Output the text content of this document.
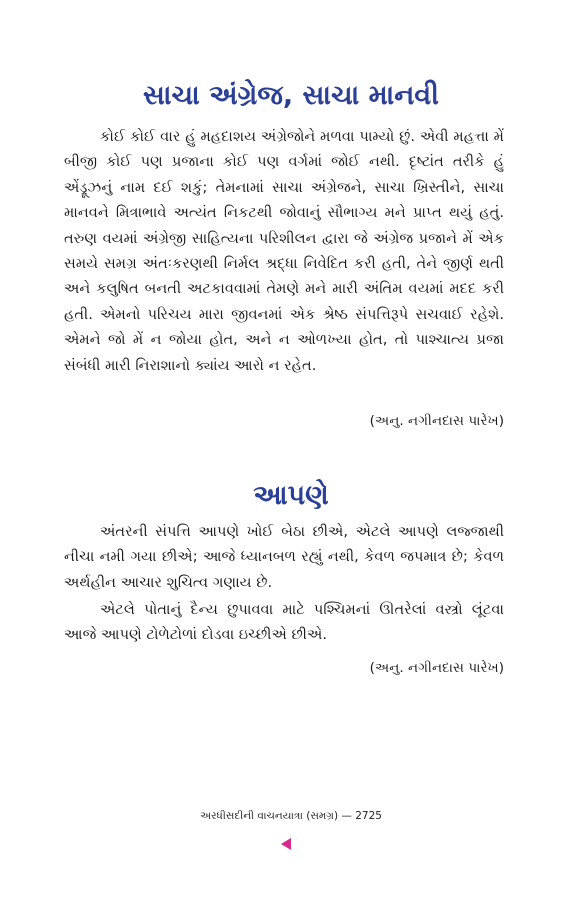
સાચા અંગ્રેજ, સાચા માનવી

કોઈ કોઈ વાર હું મહદાશય અંગ્રેજોને મળવા પામ્યો છું. એવી મહત્તા મેં બીજી કોઈ પણ પ્રજાના કોઈ પણ વર્ગમાં જોઈ નથી. દૃષ્ટાંત તરીકે હું એંડ્રૂઝનું નામ દઈ શકું; તેમનામાં સાચા અંગ્રેજને, સાચા ખ્રિસ્તીને, સાચા માનવને મિત્રાભાવે અત્યંત નિકટથી જોવાનું સૌભાગ્ય મને પ્રાપ્ત થયું હતું. તરુણ વયમાં અંગ્રેજી સાહિત્યના પરિશીલન દ્વારા જે અંગ્રેજ પ્રજાને મેં એક સમયે સમગ્ર અંતઃકરણથી નિર્મલ શ્રદ્ધા નિવેદિત કરી હતી, તેને જીર્ણ થતી અને કલુષિત બનતી અટકાવવામાં તેમણે મને મારી અંતિમ વયમાં મદદ કરી હતી. એમનો પરિચય મારા જીવનમાં એક શ્રેષ્ઠ સંપત્તિરૂપે સચવાઈ રહેશે. એમને જો મેં ન જોયા હોત, અને ન ઓળખ્યા હોત, તો પાશ્ચાત્ય પ્રજા સંબંધી મારી નિરાશાનો ક્યાંય આરો ન રહેત.

(અનુ. નગીનદાસ પારેખ)

આપણે

અંતરની સંપત્તિ આપણે ખોઈ બેઠા છીએ, એટલે આપણે લજ્જાથી નીચા નમી ગયા છીએ; આજે ધ્યાનબળ રહ્યું નથી, કેવળ જપમાત્ર છે; કેવળ અર્થહીન આચાર શુચિત્વ ગણાય છે.

એટલે પોતાનું દૈન્ય છુપાવવા માટે પશ્ચિમનાં ઊતરેલાં વસ્ત્રો લૂંટવા આજે આપણે ટોળેટોળાં દોડવા ઇચ્છીએ છીએ.

(અનુ. નગીનદાસ પારેખ)

અરધીસદીની વાચનયાત્રા (સમગ્ર) — 2725
